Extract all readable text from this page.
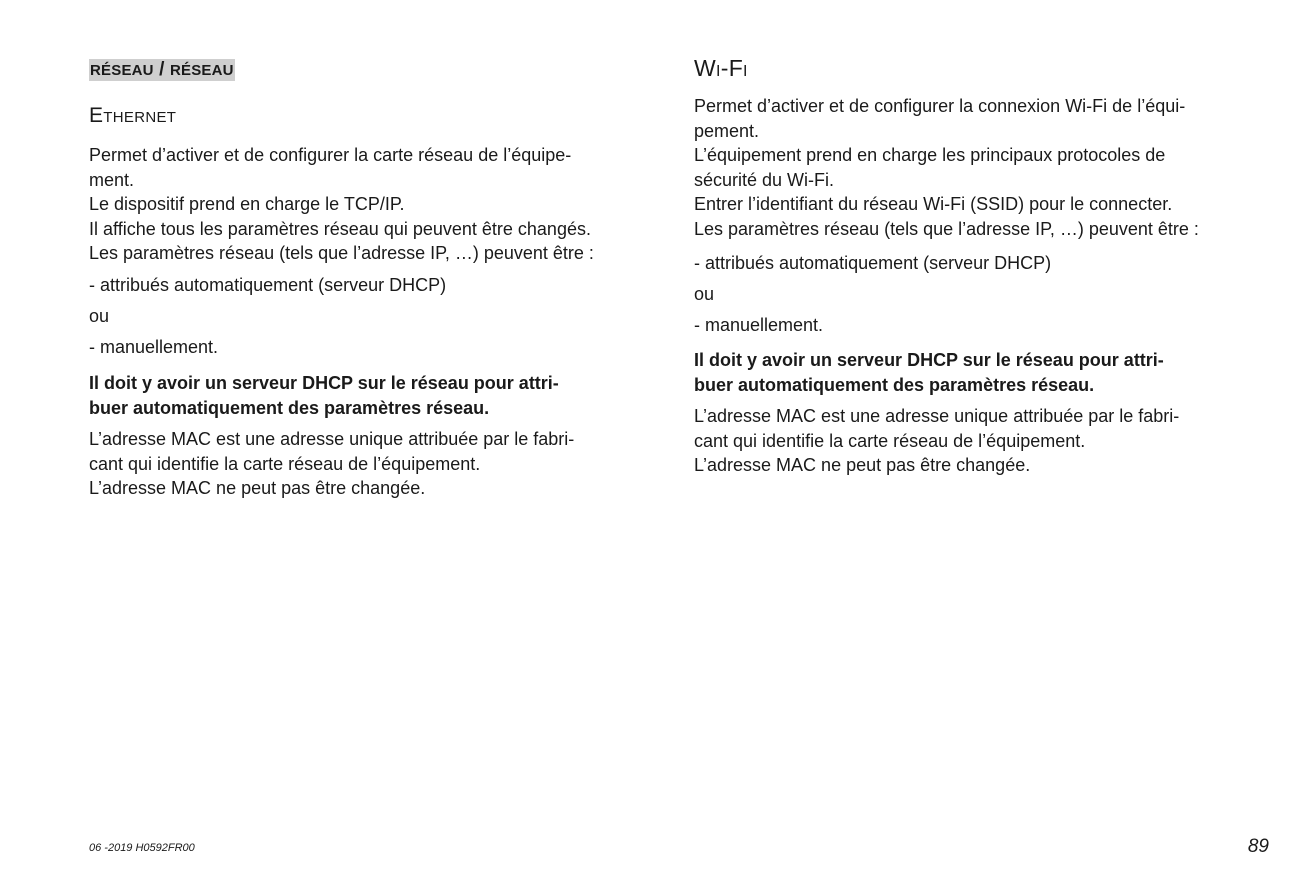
RÉSEAU / RÉSEAU
Ethernet

Permet d’activer et de configurer la carte réseau de l’équipe-
ment.
Le dispositif prend en charge le TCP/IP.
Il affiche tous les paramètres réseau qui peuvent être changés.
Les paramètres réseau (tels que l’adresse IP, …) peuvent être :

- attribués automatiquement (serveur DHCP)

ou

- manuellement.

Il doit y avoir un serveur DHCP sur le réseau pour attri-
buer automatiquement des paramètres réseau.

L’adresse MAC est une adresse unique attribuée par le fabri-
cant qui identifie la carte réseau de l’équipement.
L’adresse MAC ne peut pas être changée.

Wi-Fi

Permet d’activer et de configurer la connexion Wi-Fi de l’équi-
pement.
L’équipement prend en charge les principaux protocoles de
sécurité du Wi-Fi.
Entrer l’identifiant du réseau Wi-Fi (SSID) pour le connecter.
Les paramètres réseau (tels que l’adresse IP, …) peuvent être :

- attribués automatiquement (serveur DHCP)

ou

- manuellement.

Il doit y avoir un serveur DHCP sur le réseau pour attri-
buer automatiquement des paramètres réseau.

L’adresse MAC est une adresse unique attribuée par le fabri-
cant qui identifie la carte réseau de l’équipement.
L’adresse MAC ne peut pas être changée.

06 -2019 H0592FR00	89
